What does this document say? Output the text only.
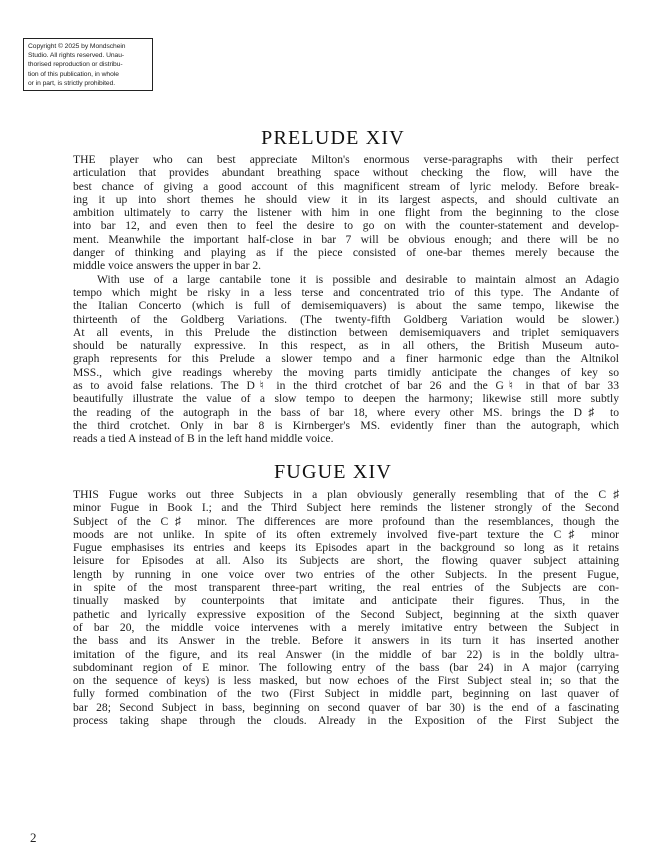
Copyright © 2025 by Mondschein
Studio. All rights reserved. Unau-
thorised reproduction or distribu-
tion of this publication, in whole
or in part, is strictly prohibited.
PRELUDE XIV
THE player who can best appreciate Milton's enormous verse-paragraphs with their perfect
articulation that provides abundant breathing space without checking the flow, will have the
best chance of giving a good account of this magnificent stream of lyric melody. Before break-
ing it up into short themes he should view it in its largest aspects, and should cultivate an
ambition ultimately to carry the listener with him in one flight from the beginning to the close
into bar 12, and even then to feel the desire to go on with the counter-statement and develop-
ment. Meanwhile the important half-close in bar 7 will be obvious enough; and there will be no
danger of thinking and playing as if the piece consisted of one-bar themes merely because the
middle voice answers the upper in bar 2.
With use of a large cantabile tone it is possible and desirable to maintain almost an Adagio
tempo which might be risky in a less terse and concentrated trio of this type. The Andante of
the Italian Concerto (which is full of demisemiquavers) is about the same tempo, likewise the
thirteenth of the Goldberg Variations. (The twenty-fifth Goldberg Variation would be slower.)
At all events, in this Prelude the distinction between demisemiquavers and triplet semiquavers
should be naturally expressive. In this respect, as in all others, the British Museum auto-
graph represents for this Prelude a slower tempo and a finer harmonic edge than the Altnikol
MSS., which give readings whereby the moving parts timidly anticipate the changes of key so
as to avoid false relations. The D♮ in the third crotchet of bar 26 and the G♮ in that of bar 33
beautifully illustrate the value of a slow tempo to deepen the harmony; likewise still more subtly
the reading of the autograph in the bass of bar 18, where every other MS. brings the D♯ to
the third crotchet. Only in bar 8 is Kirnberger's MS. evidently finer than the autograph, which
reads a tied A instead of B in the left hand middle voice.
FUGUE XIV
THIS Fugue works out three Subjects in a plan obviously generally resembling that of the C♯
minor Fugue in Book I.; and the Third Subject here reminds the listener strongly of the Second
Subject of the C♯ minor. The differences are more profound than the resemblances, though the
moods are not unlike. In spite of its often extremely involved five-part texture the C♯ minor
Fugue emphasises its entries and keeps its Episodes apart in the background so long as it retains
leisure for Episodes at all. Also its Subjects are short, the flowing quaver subject attaining
length by running in one voice over two entries of the other Subjects. In the present Fugue,
in spite of the most transparent three-part writing, the real entries of the Subjects are con-
tinually masked by counterpoints that imitate and anticipate their figures. Thus, in the
pathetic and lyrically expressive exposition of the Second Subject, beginning at the sixth quaver
of bar 20, the middle voice intervenes with a merely imitative entry between the Subject in
the bass and its Answer in the treble. Before it answers in its turn it has inserted another
imitation of the figure, and its real Answer (in the middle of bar 22) is in the boldly ultra-
subdominant region of E minor. The following entry of the bass (bar 24) in A major (carrying
on the sequence of keys) is less masked, but now echoes of the First Subject steal in; so that the
fully formed combination of the two (First Subject in middle part, beginning on last quaver of
bar 28; Second Subject in bass, beginning on second quaver of bar 30) is the end of a fascinating
process taking shape through the clouds. Already in the Exposition of the First Subject the
2
